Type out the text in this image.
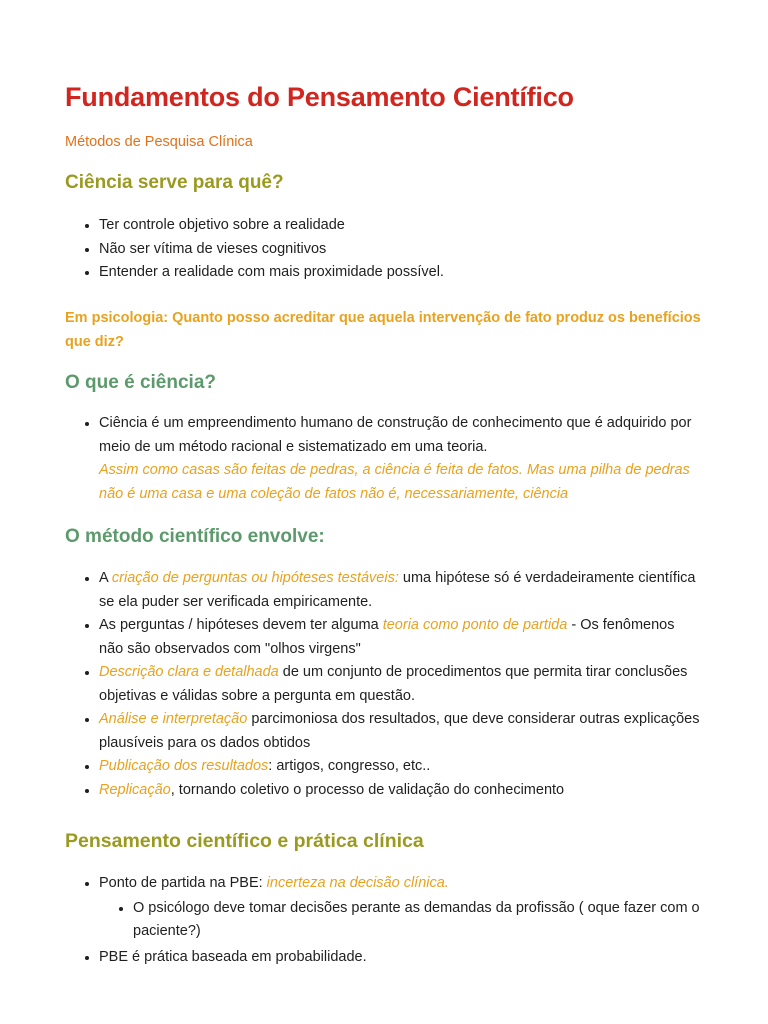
Fundamentos do Pensamento Científico

Métodos de Pesquisa Clínica

Ciência serve para quê?
Ter controle objetivo sobre a realidade
Não ser vítima de vieses cognitivos
Entender a realidade com mais proximidade possível.

Em psicologia: Quanto posso acreditar que aquela intervenção de fato produz os benefícios que diz?

O que é ciência?
Ciência é um empreendimento humano de construção de conhecimento que é adquirido por meio de um método racional e sistematizado em uma teoria.
Assim como casas são feitas de pedras, a ciência é feita de fatos. Mas uma pilha de pedras não é uma casa e uma coleção de fatos não é, necessariamente, ciência
O método científico envolve:
A criação de perguntas ou hipóteses testáveis: uma hipótese só é verdadeiramente científica se ela puder ser verificada empiricamente.
As perguntas / hipóteses devem ter alguma teoria como ponto de partida - Os fenômenos não são observados com "olhos virgens"
Descrição clara e detalhada de um conjunto de procedimentos que permita tirar conclusões objetivas e válidas sobre a pergunta em questão.
Análise e interpretação parcimoniosa dos resultados, que deve considerar outras explicações plausíveis para os dados obtidos
Publicação dos resultados: artigos, congresso, etc..
Replicação, tornando coletivo o processo de validação do conhecimento
Pensamento científico e prática clínica
Ponto de partida na PBE: incerteza na decisão clínica.
O psicólogo deve tomar decisões perante as demandas da profissão ( oque fazer com o paciente?)
PBE é prática baseada em probabilidade.
